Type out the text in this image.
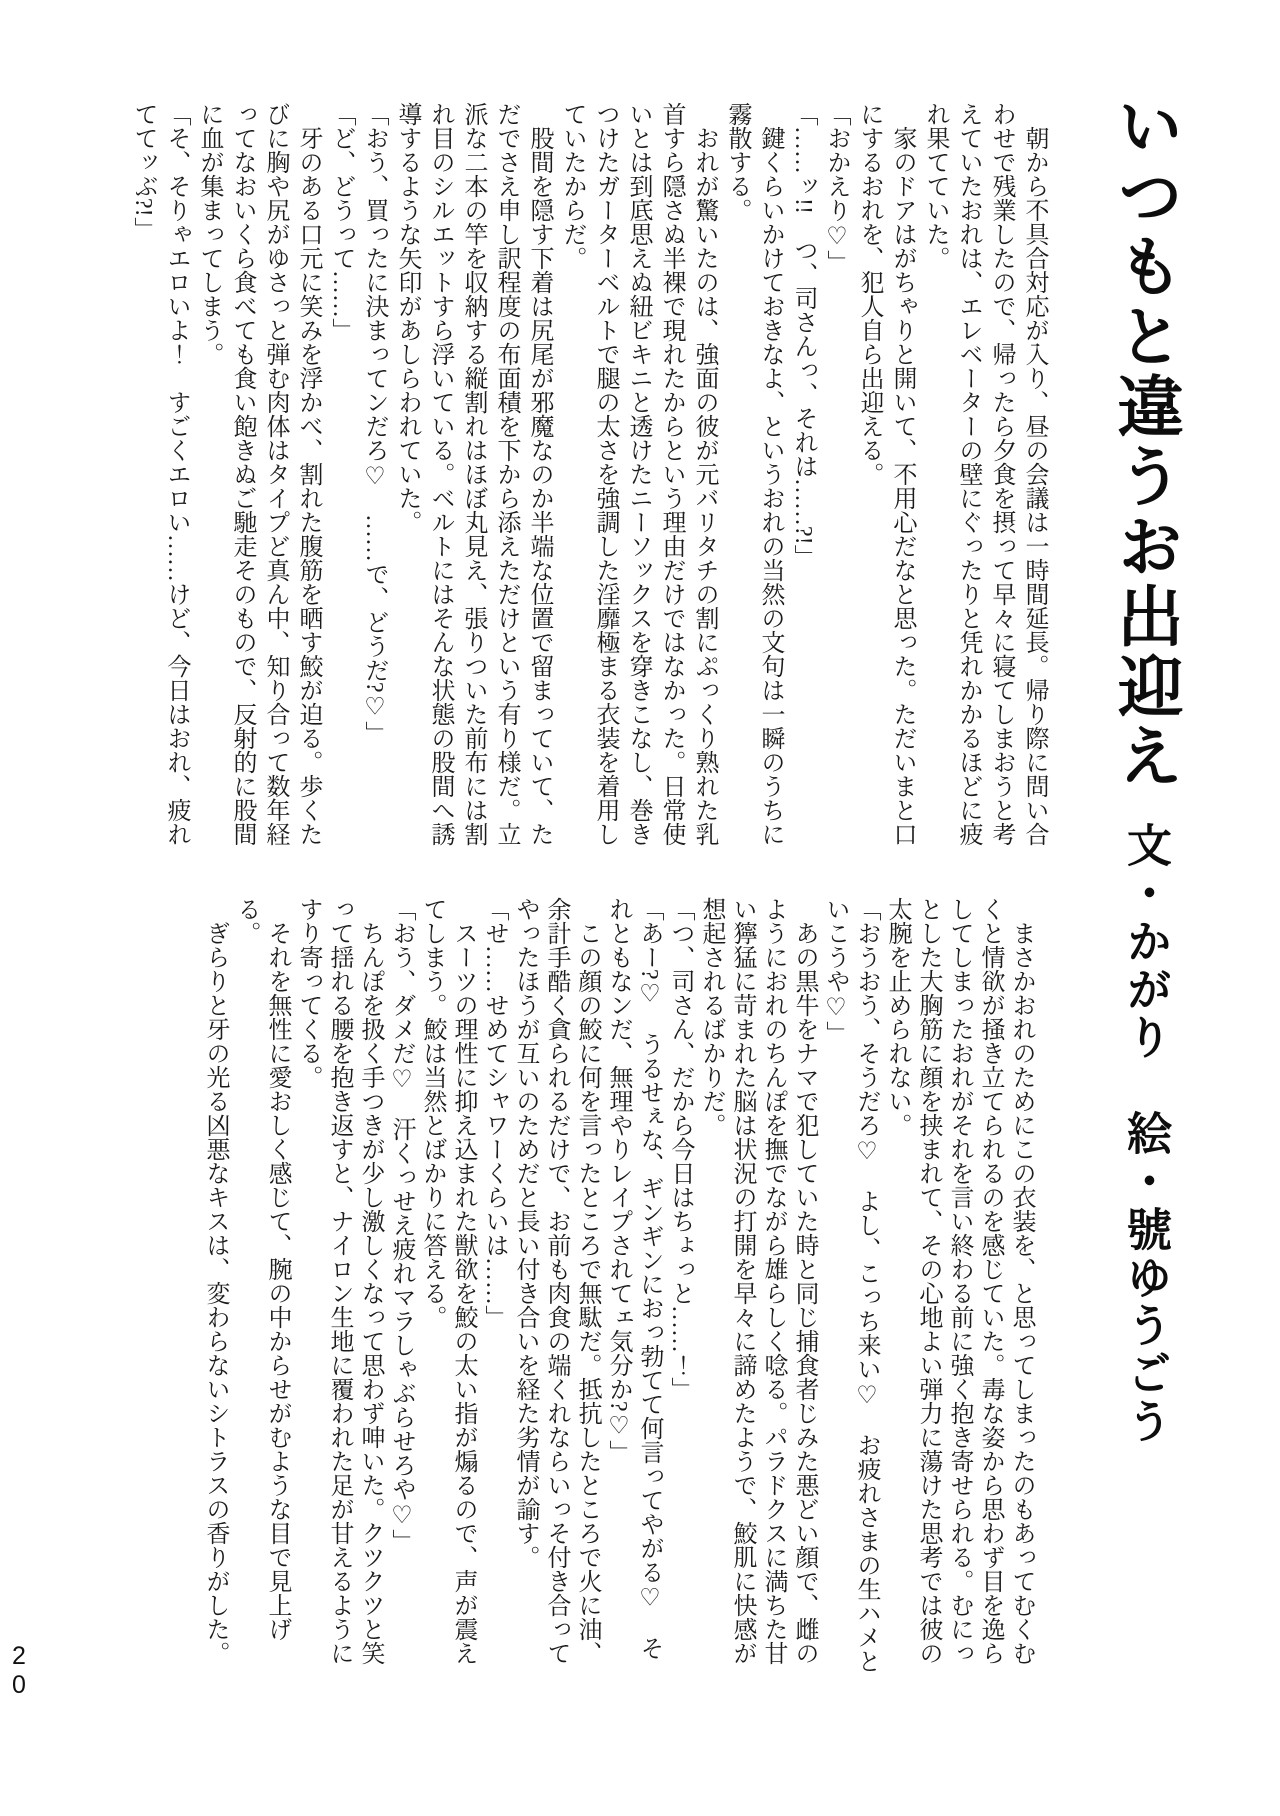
いつもと違うお出迎え文・かがり　絵・號ゆうごう

朝から不具合対応が入り、昼の会議は一時間延長。帰り際に問い合わせで残業したので、帰ったら夕食を摂って早々に寝てしまおうと考えていたおれは、エレベーターの壁にぐったりと凭れかかるほどに疲れ果てていた。

家のドアはがちゃりと開いて、不用心だなと思った。ただいまと口にするおれを、犯人自ら出迎える。

「おかえり♡」

「……ッ!!　つ、司さんっ、それは……?!」

鍵くらいかけておきなよ、というおれの当然の文句は一瞬のうちに霧散する。

おれが驚いたのは、強面の彼が元バリタチの割にぷっくり熟れた乳首すら隠さぬ半裸で現れたからという理由だけではなかった。日常使いとは到底思えぬ紐ビキニと透けたニーソックスを穿きこなし、巻きつけたガーターベルトで腿の太さを強調した淫靡極まる衣装を着用していたからだ。

股間を隠す下着は尻尾が邪魔なのか半端な位置で留まっていて、ただでさえ申し訳程度の布面積を下から添えただけという有り様だ。立派な二本の竿を収納する縦割れはほぼ丸見え、張りついた前布には割れ目のシルエットすら浮いている。ベルトにはそんな状態の股間へ誘導するような矢印があしらわれていた。

「おう、買ったに決まってンだろ♡　……で、どうだ?♡」

「ど、どうって……」

牙のある口元に笑みを浮かべ、割れた腹筋を晒す鮫が迫る。歩くたびに胸や尻がゆさっと弾む肉体はタイプど真ん中、知り合って数年経ってなおいくら食べても食い飽きぬご馳走そのもので、反射的に股間に血が集まってしまう。

「そ、そりゃエロいよ！　すごくエロい……けど、今日はおれ、疲れててッぶ?!」

まさかおれのためにこの衣装を、と思ってしまったのもあってむくむくと情欲が掻き立てられるのを感じていた。毒な姿から思わず目を逸らしてしまったおれがそれを言い終わる前に強く抱き寄せられる。むにっとした大胸筋に顔を挟まれて、その心地よい弾力に蕩けた思考では彼の太腕を止められない。

「おうおう、そうだろ♡　よし、こっち来い♡　お疲れさまの生ハメといこうや♡」

あの黒牛をナマで犯していた時と同じ捕食者じみた悪どい顔で、雌のようにおれのちんぽを撫でながら雄らしく唸る。パラドクスに満ちた甘い獰猛に苛まれた脳は状況の打開を早々に諦めたようで、鮫肌に快感が想起されるばかりだ。

「つ、司さん、だから今日はちょっと……！」

「あー?♡　うるせぇな、ギンギンにおっ勃てて何言ってやがる♡　それともなンだ、無理やりレイプされてェ気分か?♡」

この顔の鮫に何を言ったところで無駄だ。抵抗したところで火に油、余計手酷く貪られるだけで、お前も肉食の端くれならいっそ付き合ってやったほうが互いのためだと長い付き合いを経た劣情が諭す。

「せ……せめてシャワーくらいは……」

スーツの理性に抑え込まれた獣欲を鮫の太い指が煽るので、声が震えてしまう。鮫は当然とばかりに答える。

「おう、ダメだ♡　汗くっせえ疲れマラしゃぶらせろや♡」

ちんぽを扱く手つきが少し激しくなって思わず呻いた。クツクツと笑って揺れる腰を抱き返すと、ナイロン生地に覆われた足が甘えるようにすり寄ってくる。

それを無性に愛おしく感じて、腕の中からせがむような目で見上げる。

ぎらりと牙の光る凶悪なキスは、変わらないシトラスの香りがした。

20
